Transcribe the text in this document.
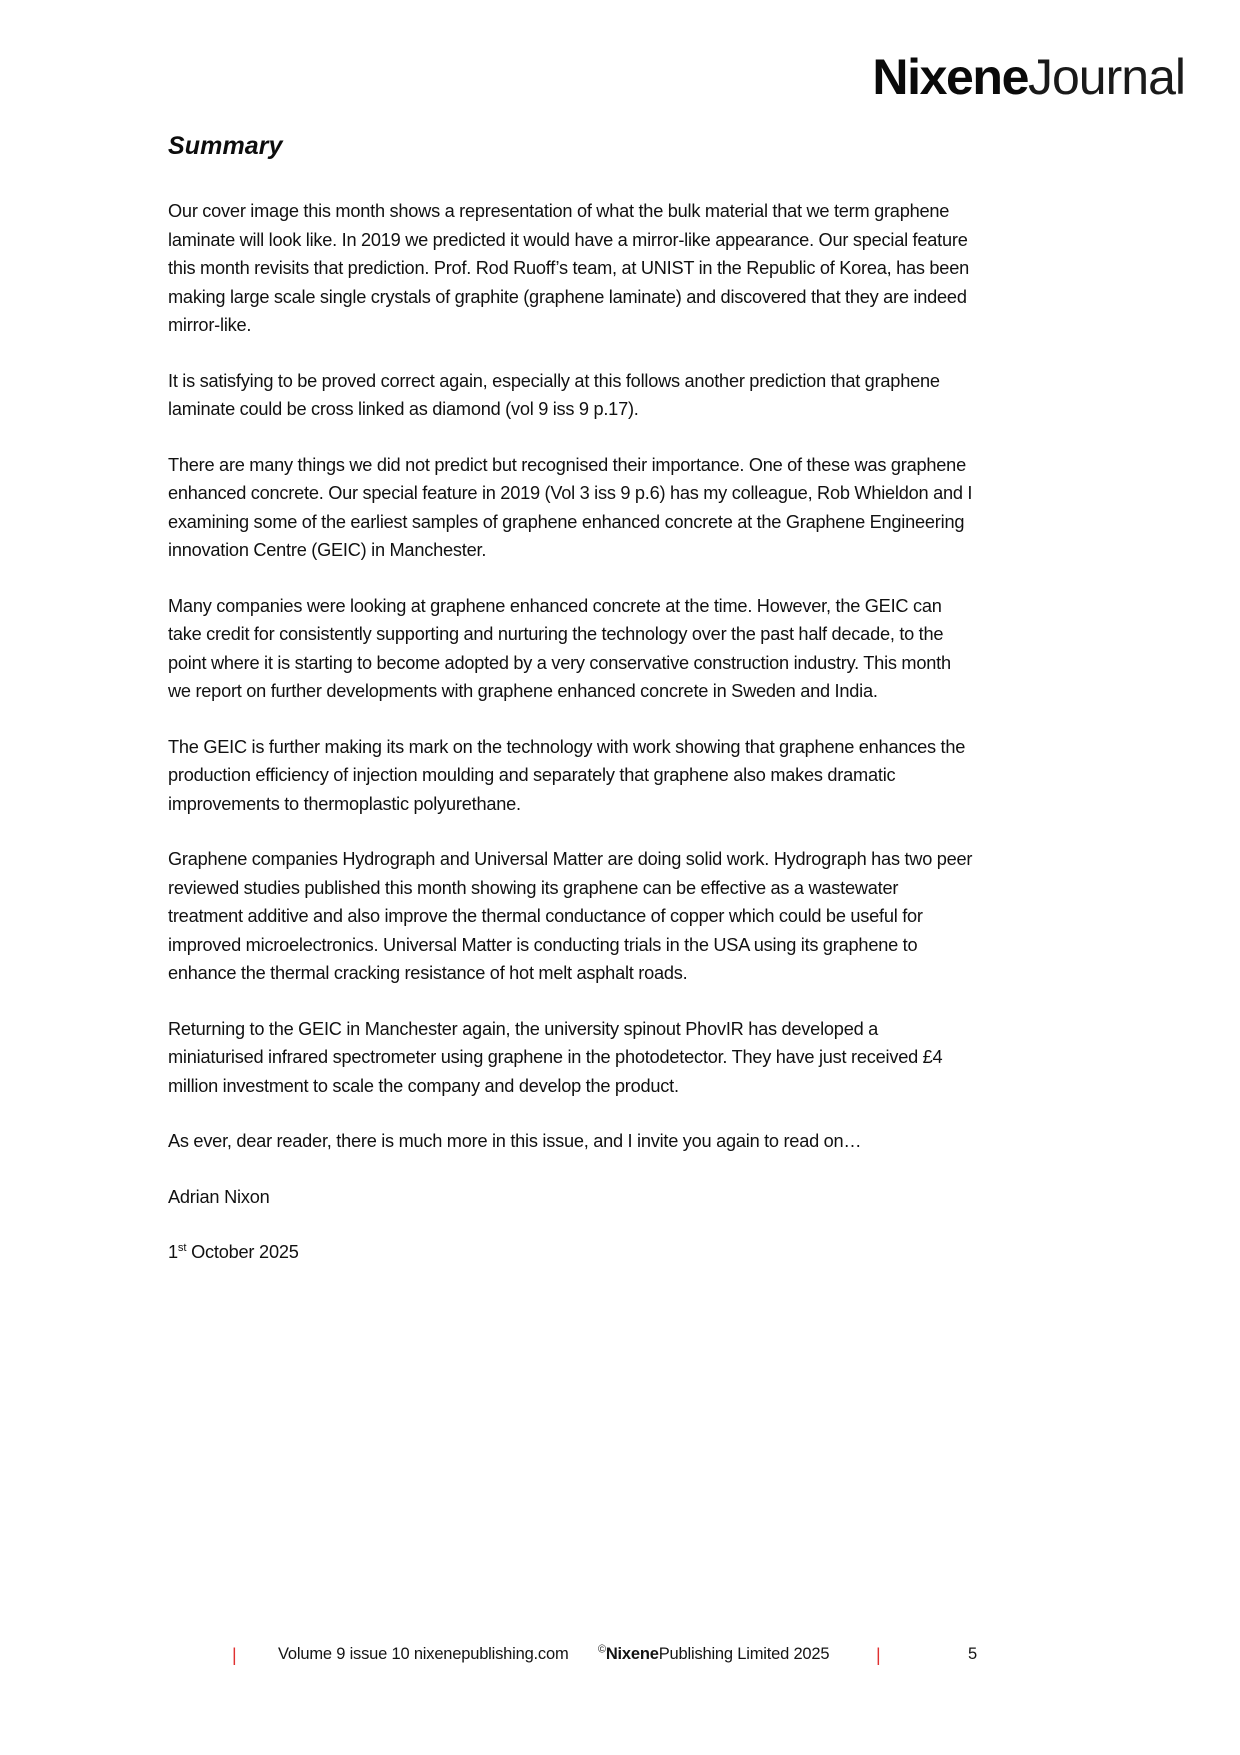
Nixene Journal
Summary

Our cover image this month shows a representation of what the bulk material that we term graphene laminate will look like. In 2019 we predicted it would have a mirror-like appearance. Our special feature this month revisits that prediction. Prof. Rod Ruoff’s team, at UNIST in the Republic of Korea, has been making large scale single crystals of graphite (graphene laminate) and discovered that they are indeed mirror-like.

It is satisfying to be proved correct again, especially at this follows another prediction that graphene laminate could be cross linked as diamond (vol 9 iss 9 p.17).

There are many things we did not predict but recognised their importance. One of these was graphene enhanced concrete. Our special feature in 2019 (Vol 3 iss 9 p.6) has my colleague, Rob Whieldon and I examining some of the earliest samples of graphene enhanced concrete at the Graphene Engineering innovation Centre (GEIC) in Manchester.

Many companies were looking at graphene enhanced concrete at the time. However, the GEIC can take credit for consistently supporting and nurturing the technology over the past half decade, to the point where it is starting to become adopted by a very conservative construction industry. This month we report on further developments with graphene enhanced concrete in Sweden and India.

The GEIC is further making its mark on the technology with work showing that graphene enhances the production efficiency of injection moulding and separately that graphene also makes dramatic improvements to thermoplastic polyurethane.

Graphene companies Hydrograph and Universal Matter are doing solid work. Hydrograph has two peer reviewed studies published this month showing its graphene can be effective as a wastewater treatment additive and also improve the thermal conductance of copper which could be useful for improved microelectronics. Universal Matter is conducting trials in the USA using its graphene to enhance the thermal cracking resistance of hot melt asphalt roads.

Returning to the GEIC in Manchester again, the university spinout PhovIR has developed a miniaturised infrared spectrometer using graphene in the photodetector. They have just received £4 million investment to scale the company and develop the product.

As ever, dear reader, there is much more in this issue, and I invite you again to read on…

Adrian Nixon

1st October 2025

|	Volume 9 issue 10 nixenepublishing.com	©NixenePublishing Limited 2025	|	5
